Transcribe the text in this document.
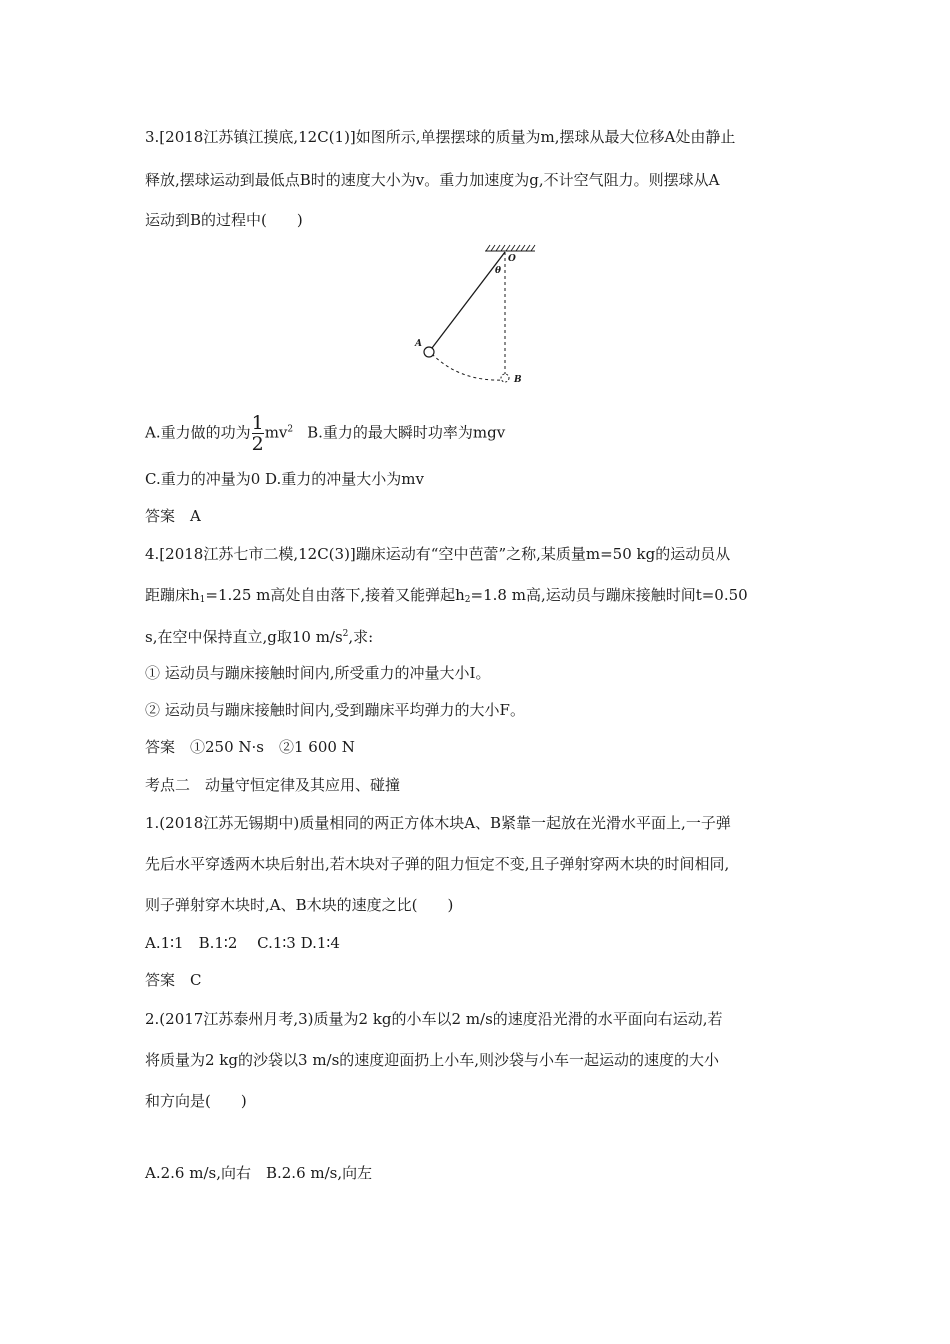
3.[2018江苏镇江摸底,12C(1)]如图所示,单摆摆球的质量为m,摆球从最大位移A处由静止
释放,摆球运动到最低点B时的速度大小为v。重力加速度为g,不计空气阻力。则摆球从A
运动到B的过程中(　　)
O
θ
A
B
A.重力做的功为 $\frac{1}{2} mv^2$ B.重力的最大瞬时功率为mgv
C.重力的冲量为0 D.重力的冲量大小为mv
答案　A
4.[2018江苏七市二模,12C(3)]蹦床运动有“空中芭蕾”之称,某质量m=50 kg的运动员从
距蹦床$h_1=1.25$ m高处自由落下,接着又能弹起$h_2=1.8$ m高,运动员与蹦床接触时间t=0.50
s,在空中保持直立,g取10 $m/s^2$,求:
① 运动员与蹦床接触时间内,所受重力的冲量大小I。
② 运动员与蹦床接触时间内,受到蹦床平均弹力的大小F。
答案　①250 N·s　②1 600 N
考点二　动量守恒定律及其应用、碰撞
1.(2018江苏无锡期中)质量相同的两正方体木块A、B紧靠一起放在光滑水平面上,一子弹
先后水平穿透两木块后射出,若木块对子弹的阻力恒定不变,且子弹射穿两木块的时间相同,
则子弹射穿木块时,A、B木块的速度之比(　　)
A.1∶1　B.1∶2　 C.1∶3 D.1∶4
答案　C
2.(2017江苏泰州月考,3)质量为2 kg的小车以2 m/s的速度沿光滑的水平面向右运动,若
将质量为2 kg的沙袋以3 m/s的速度迎面扔上小车,则沙袋与小车一起运动的速度的大小
和方向是(　　)
A.2.6 m/s,向右　B.2.6 m/s,向左
